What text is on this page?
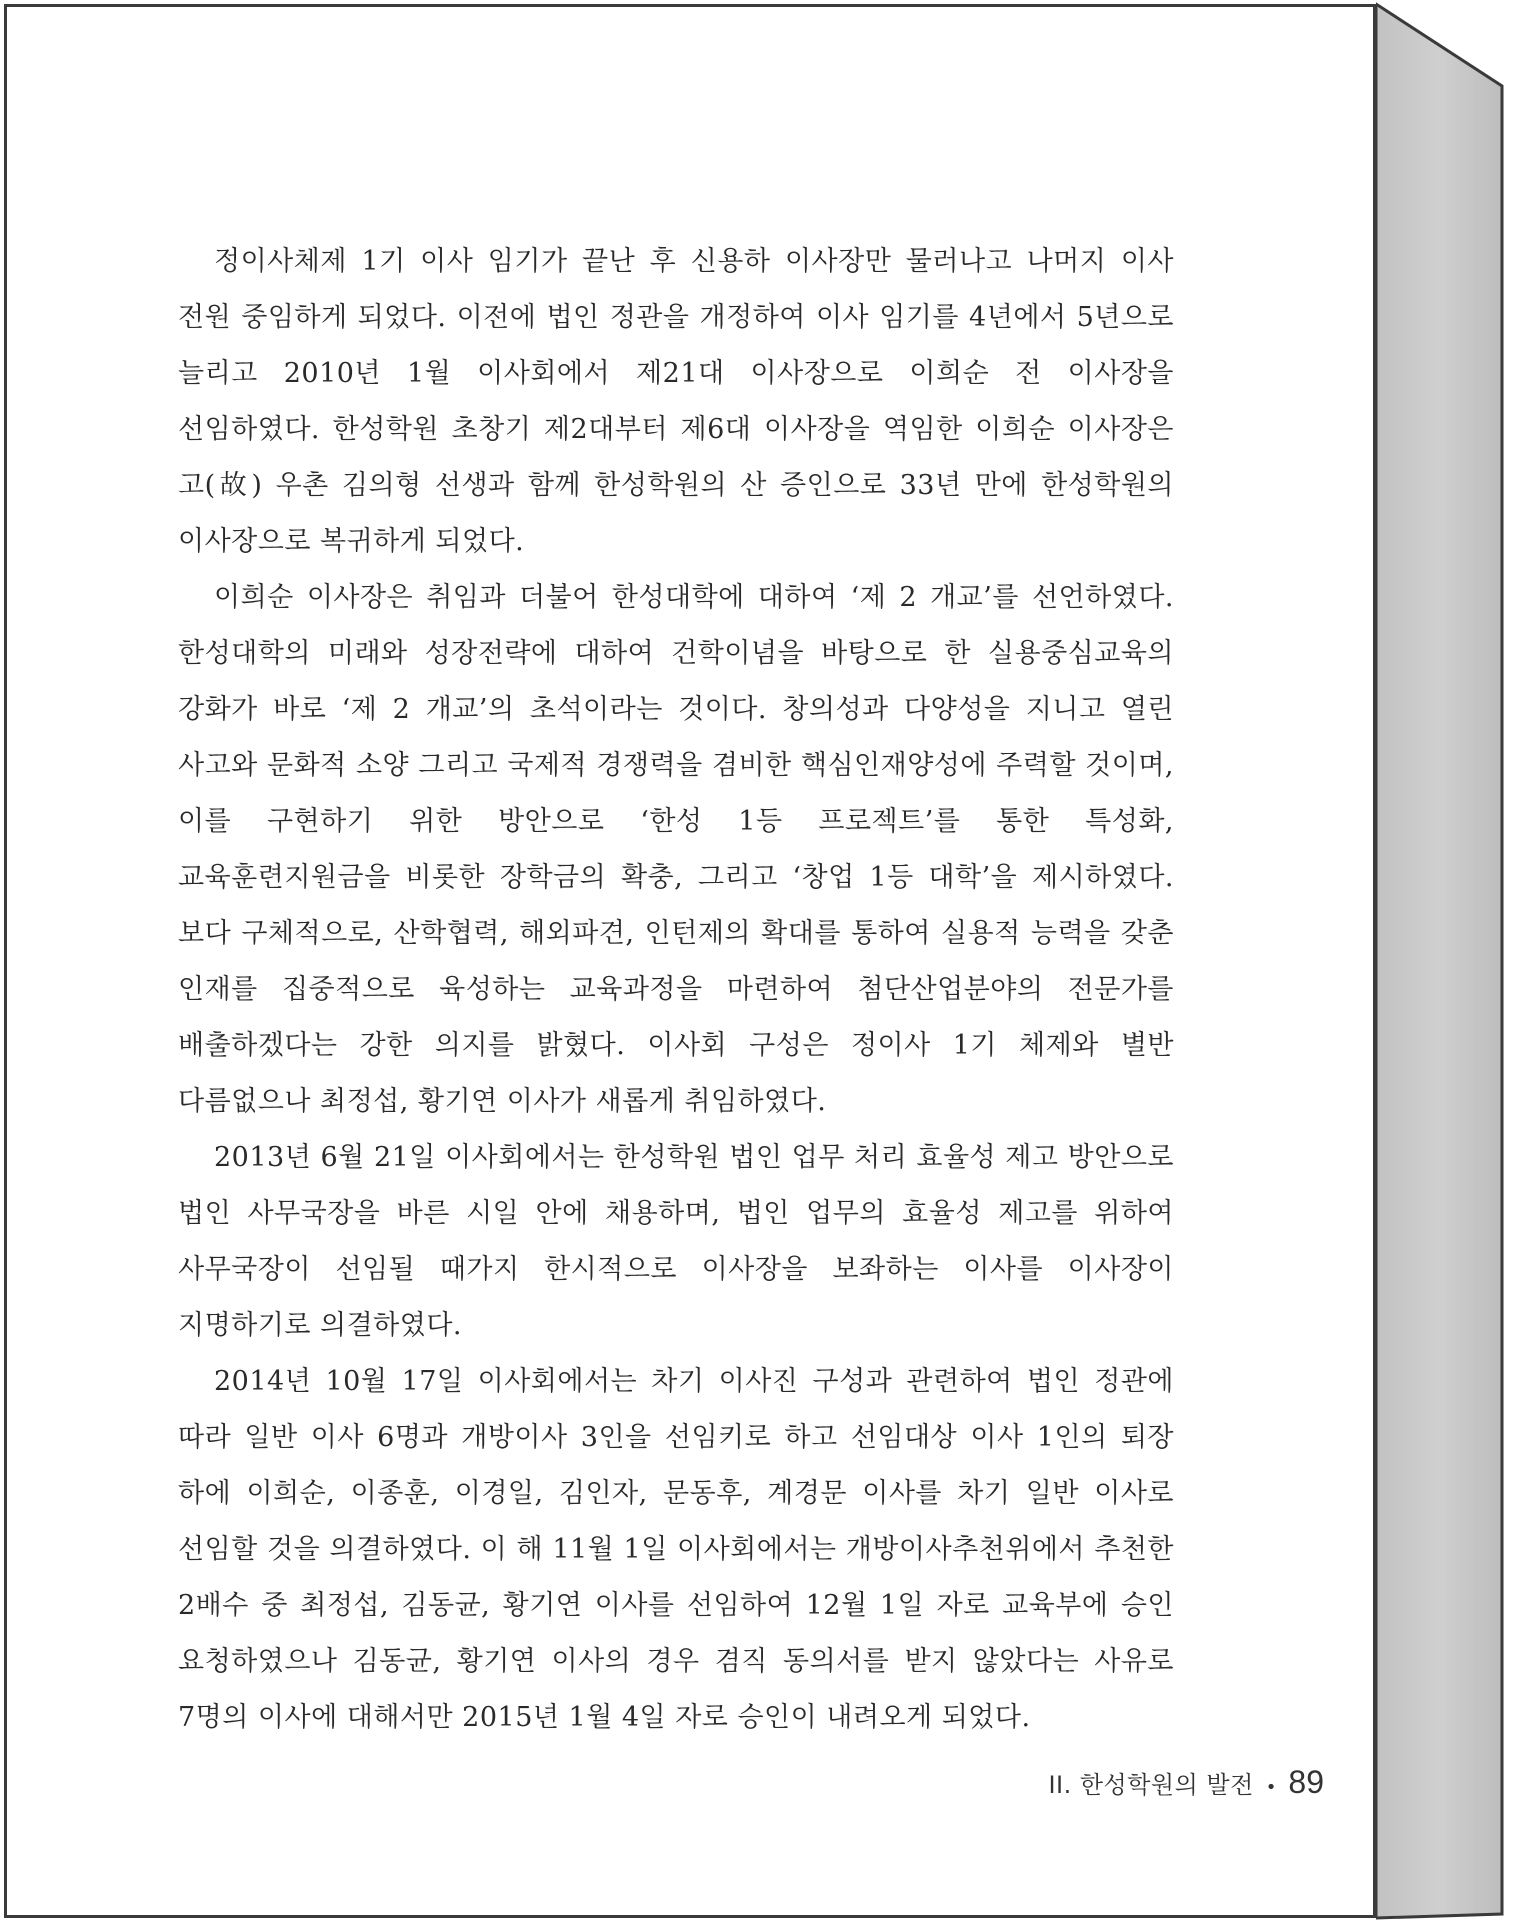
정이사체제 1기 이사 임기가 끝난 후 신용하 이사장만 물러나고 나머지 이사 전원 중임하게 되었다. 이전에 법인 정관을 개정하여 이사 임기를 4년에서 5년으로 늘리고 2010년 1월 이사회에서 제21대 이사장으로 이희순 전 이사장을 선임하였다. 한성학원 초창기 제2대부터 제6대 이사장을 역임한 이희순 이사장은 고(故) 우촌 김의형 선생과 함께 한성학원의 산 증인으로 33년 만에 한성학원의 이사장으로 복귀하게 되었다.

이희순 이사장은 취임과 더불어 한성대학에 대하여 ‘제 2 개교’를 선언하였다. 한성대학의 미래와 성장전략에 대하여 건학이념을 바탕으로 한 실용중심교육의 강화가 바로 ‘제 2 개교’의 초석이라는 것이다. 창의성과 다양성을 지니고 열린 사고와 문화적 소양 그리고 국제적 경쟁력을 겸비한 핵심인재양성에 주력할 것이며, 이를 구현하기 위한 방안으로 ‘한성 1등 프로젝트’를 통한 특성화, 교육훈련지원금을 비롯한 장학금의 확충, 그리고 ‘창업 1등 대학’을 제시하였다. 보다 구체적으로, 산학협력, 해외파견, 인턴제의 확대를 통하여 실용적 능력을 갖춘 인재를 집중적으로 육성하는 교육과정을 마련하여 첨단산업분야의 전문가를 배출하겠다는 강한 의지를 밝혔다. 이사회 구성은 정이사 1기 체제와 별반 다름없으나 최정섭, 황기연 이사가 새롭게 취임하였다.

2013년 6월 21일 이사회에서는 한성학원 법인 업무 처리 효율성 제고 방안으로 법인 사무국장을 바른 시일 안에 채용하며, 법인 업무의 효율성 제고를 위하여 사무국장이 선임될 때가지 한시적으로 이사장을 보좌하는 이사를 이사장이 지명하기로 의결하였다.

2014년 10월 17일 이사회에서는 차기 이사진 구성과 관련하여 법인 정관에 따라 일반 이사 6명과 개방이사 3인을 선임키로 하고 선임대상 이사 1인의 퇴장 하에 이희순, 이종훈, 이경일, 김인자, 문동후, 계경문 이사를 차기 일반 이사로 선임할 것을 의결하였다. 이 해 11월 1일 이사회에서는 개방이사추천위에서 추천한 2배수 중 최정섭, 김동균, 황기연 이사를 선임하여 12월 1일 자로 교육부에 승인 요청하였으나 김동균, 황기연 이사의 경우 겸직 동의서를 받지 않았다는 사유로 7명의 이사에 대해서만 2015년 1월 4일 자로 승인이 내려오게 되었다.

II. 한성학원의 발전 • 89
